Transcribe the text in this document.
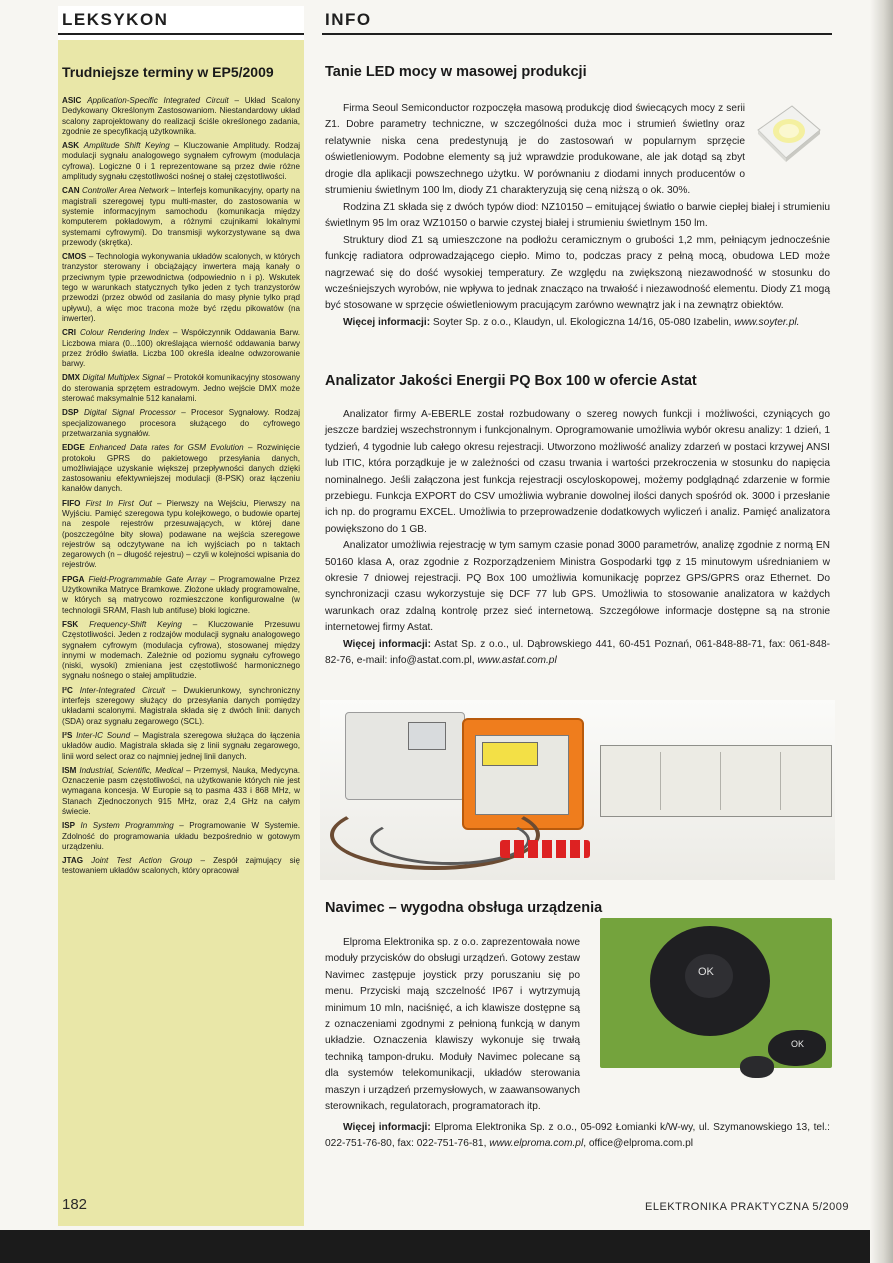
LEKSYKON
Trudniejsze terminy w EP5/2009

ASIC Application-Specific Integrated Circuit – Układ Scalony Dedykowany Określonym Zastosowaniom. Niestandardowy układ scalony zaprojektowany do realizacji ściśle określonego zadania, zgodnie ze specyfikacją użytkownika.

ASK Amplitude Shift Keying – Kluczowanie Amplitudy. Rodzaj modulacji sygnału analogowego sygnałem cyfrowym (modulacja cyfrowa). Logiczne 0 i 1 reprezentowane są przez dwie różne amplitudy sygnału częstotliwości nośnej o stałej częstotliwości.

CAN Controller Area Network – Interfejs komunikacyjny, oparty na magistrali szeregowej typu multi-master, do zastosowania w systemie informacyjnym samochodu (komunikacja między komputerem pokładowym, a różnymi czujnikami lokalnymi systemami cyfrowymi). Do transmisji wykorzystywane są dwa przewody (skrętka).

CMOS – Technologia wykonywania układów scalonych, w których tranzystor sterowany i obciążający inwertera mają kanały o przeciwnym typie przewodnictwa (odpowiednio n i p). Wskutek tego w warunkach statycznych tylko jeden z tych tranzystorów przewodzi (przez obwód od zasilania do masy płynie tylko prąd upływu), a więc moc tracona może być rzędu pikowatów (na inwerter).

CRI Colour Rendering Index – Współczynnik Oddawania Barw. Liczbowa miara (0...100) określająca wierność oddawania barwy przez źródło światła. Liczba 100 określa idealne odwzorowanie barwy.

DMX Digital Multiplex Signal – Protokół komunikacyjny stosowany do sterowania sprzętem estradowym. Jedno wejście DMX może sterować maksymalnie 512 kanałami.

DSP Digital Signal Processor – Procesor Sygnałowy. Rodzaj specjalizowanego procesora służącego do cyfrowego przetwarzania sygnałów.

EDGE Enhanced Data rates for GSM Evolution – Rozwinięcie protokołu GPRS do pakietowego przesyłania danych, umożliwiające uzyskanie większej przepływności danych dzięki zastosowaniu efektywniejszej modulacji (8-PSK) oraz łączeniu kanałów danych.

FIFO First In First Out – Pierwszy na Wejściu, Pierwszy na Wyjściu. Pamięć szeregowa typu kolejkowego, o budowie opartej na zespole rejestrów przesuwających, w której dane (poszczególne bity słowa) podawane na wejścia szeregowe rejestrów są odczytywane na ich wyjściach po n taktach zegarowych (n – długość rejestru) – czyli w kolejności wpisania do rejestrów.

FPGA Field-Programmable Gate Array – Programowalne Przez Użytkownika Matryce Bramkowe. Złożone układy programowalne, w których są matrycowo rozmieszczone konfigurowalne (w technologii SRAM, Flash lub antifuse) bloki logiczne.

FSK Frequency-Shift Keying – Kluczowanie Przesuwu Częstotliwości. Jeden z rodzajów modulacji sygnału analogowego sygnałem cyfrowym (modulacja cyfrowa), stosowanej między innymi w modemach. Zależnie od poziomu sygnału cyfrowego (niski, wysoki) zmieniana jest częstotliwość harmonicznego sygnału nośnego o stałej amplitudzie.

I²C Inter-Integrated Circuit – Dwukierunkowy, synchroniczny interfejs szeregowy służący do przesyłania danych pomiędzy układami scalonymi. Magistrala składa się z dwóch linii: danych (SDA) oraz sygnału zegarowego (SCL).

I²S Inter-IC Sound – Magistrala szeregowa służąca do łączenia układów audio. Magistrala składa się z linii sygnału zegarowego, linii word select oraz co najmniej jednej linii danych.

ISM Industrial, Scientific, Medical – Przemysł, Nauka, Medycyna. Oznaczenie pasm częstotliwości, na użytkowanie których nie jest wymagana koncesja. W Europie są to pasma 433 i 868 MHz, w Stanach Zjednoczonych 915 MHz, oraz 2,4 GHz na całym świecie.

ISP In System Programming – Programowanie W Systemie. Zdolność do programowania układu bezpośrednio w gotowym urządzeniu.

JTAG Joint Test Action Group – Zespół zajmujący się testowaniem układów scalonych, który opracował

INFO
Tanie LED mocy w masowej produkcji

Firma Seoul Semiconductor rozpoczęła masową produkcję diod świecących mocy z serii Z1. Dobre parametry techniczne, w szczególności duża moc i strumień świetlny oraz relatywnie niska cena predestynują je do zastosowań w popularnym sprzęcie oświetleniowym. Podobne elementy są już wprawdzie produkowane, ale jak dotąd są zbyt drogie dla aplikacji powszechnego użytku. W porównaniu z diodami innych producentów o strumieniu świetlnym 100 lm, diody Z1 charakteryzują się ceną niższą o ok. 30%.

Rodzina Z1 składa się z dwóch typów diod: NZ10150 – emitującej światło o barwie ciepłej białej i strumieniu świetlnym 95 lm oraz WZ10150 o barwie czystej białej i strumieniu świetlnym 150 lm.

Struktury diod Z1 są umieszczone na podłożu ceramicznym o grubości 1,2 mm, pełniącym jednocześnie funkcję radiatora odprowadzającego ciepło. Mimo to, podczas pracy z pełną mocą, obudowa LED może nagrzewać się do dość wysokiej temperatury. Ze względu na zwiększoną niezawodność w stosunku do wcześniejszych wyrobów, nie wpływa to jednak znacząco na trwałość i niezawodność elementu. Diody Z1 mogą być stosowane w sprzęcie oświetleniowym pracującym zarówno wewnątrz jak i na zewnątrz obiektów.

Więcej informacji: Soyter Sp. z o.o., Klaudyn, ul. Ekologiczna 14/16, 05-080 Izabelin, www.soyter.pl.

Analizator Jakości Energii PQ Box 100 w ofercie Astat

Analizator firmy A-EBERLE został rozbudowany o szereg nowych funkcji i możliwości, czyniących go jeszcze bardziej wszechstronnym i funkcjonalnym. Oprogramowanie umożliwia wybór okresu analizy: 1 dzień, 1 tydzień, 4 tygodnie lub całego okresu rejestracji. Utworzono możliwość analizy zdarzeń w postaci krzywej ANSI lub ITIC, która porządkuje je w zależności od czasu trwania i wartości przekroczenia w stosunku do napięcia nominalnego. Jeśli załączona jest funkcja rejestracji oscyloskopowej, możemy podglądnąć zdarzenie w formie przebiegu. Funkcja EXPORT do CSV umożliwia wybranie dowolnej ilości danych spośród ok. 3000 i przesłanie ich np. do programu EXCEL. Umożliwia to przeprowadzenie dodatkowych wyliczeń i analiz. Pamięć analizatora powiększono do 1 GB.

Analizator umożliwia rejestrację w tym samym czasie ponad 3000 parametrów, analizę zgodnie z normą EN 50160 klasa A, oraz zgodnie z Rozporządzeniem Ministra Gospodarki tgφ z 15 minutowym uśrednianiem w okresie 7 dniowej rejestracji. PQ Box 100 umożliwia komunikację poprzez GPS/GPRS oraz Ethernet. Do synchronizacji czasu wykorzystuje się DCF 77 lub GPS. Umożliwia to stosowanie analizatora w każdych warunkach oraz zdalną kontrolę przez sieć internetową. Szczegółowe informacje dostępne są na stronie internetowej firmy Astat.

Więcej informacji: Astat Sp. z o.o., ul. Dąbrowskiego 441, 60-451 Poznań, 061-848-88-71, fax: 061-848-82-76, e-mail: info@astat.com.pl, www.astat.com.pl

Navimec – wygodna obsługa urządzenia

Elproma Elektronika sp. z o.o. zaprezentowała nowe moduły przycisków do obsługi urządzeń. Gotowy zestaw Navimec zastępuje joystick przy poruszaniu się po menu. Przyciski mają szczelność IP67 i wytrzymują minimum 10 mln, naciśnięć, a ich klawisze dostępne są z oznaczeniami zgodnymi z pełnioną funkcją w danym układzie. Oznaczenia klawiszy wykonuje się trwałą techniką tampon-druku. Moduły Navimec polecane są dla systemów telekomunikacji, układów sterowania maszyn i urządzeń przemysłowych, w zaawansowanych sterownikach, regulatorach, programatorach itp.

OK
OK

Więcej informacji: Elproma Elektronika Sp. z o.o., 05-092 Łomianki k/W-wy, ul. Szymanowskiego 13, tel.: 022-751-76-80, fax: 022-751-76-81, www.elproma.com.pl, office@elproma.com.pl

182	ELEKTRONIKA PRAKTYCZNA 5/2009
